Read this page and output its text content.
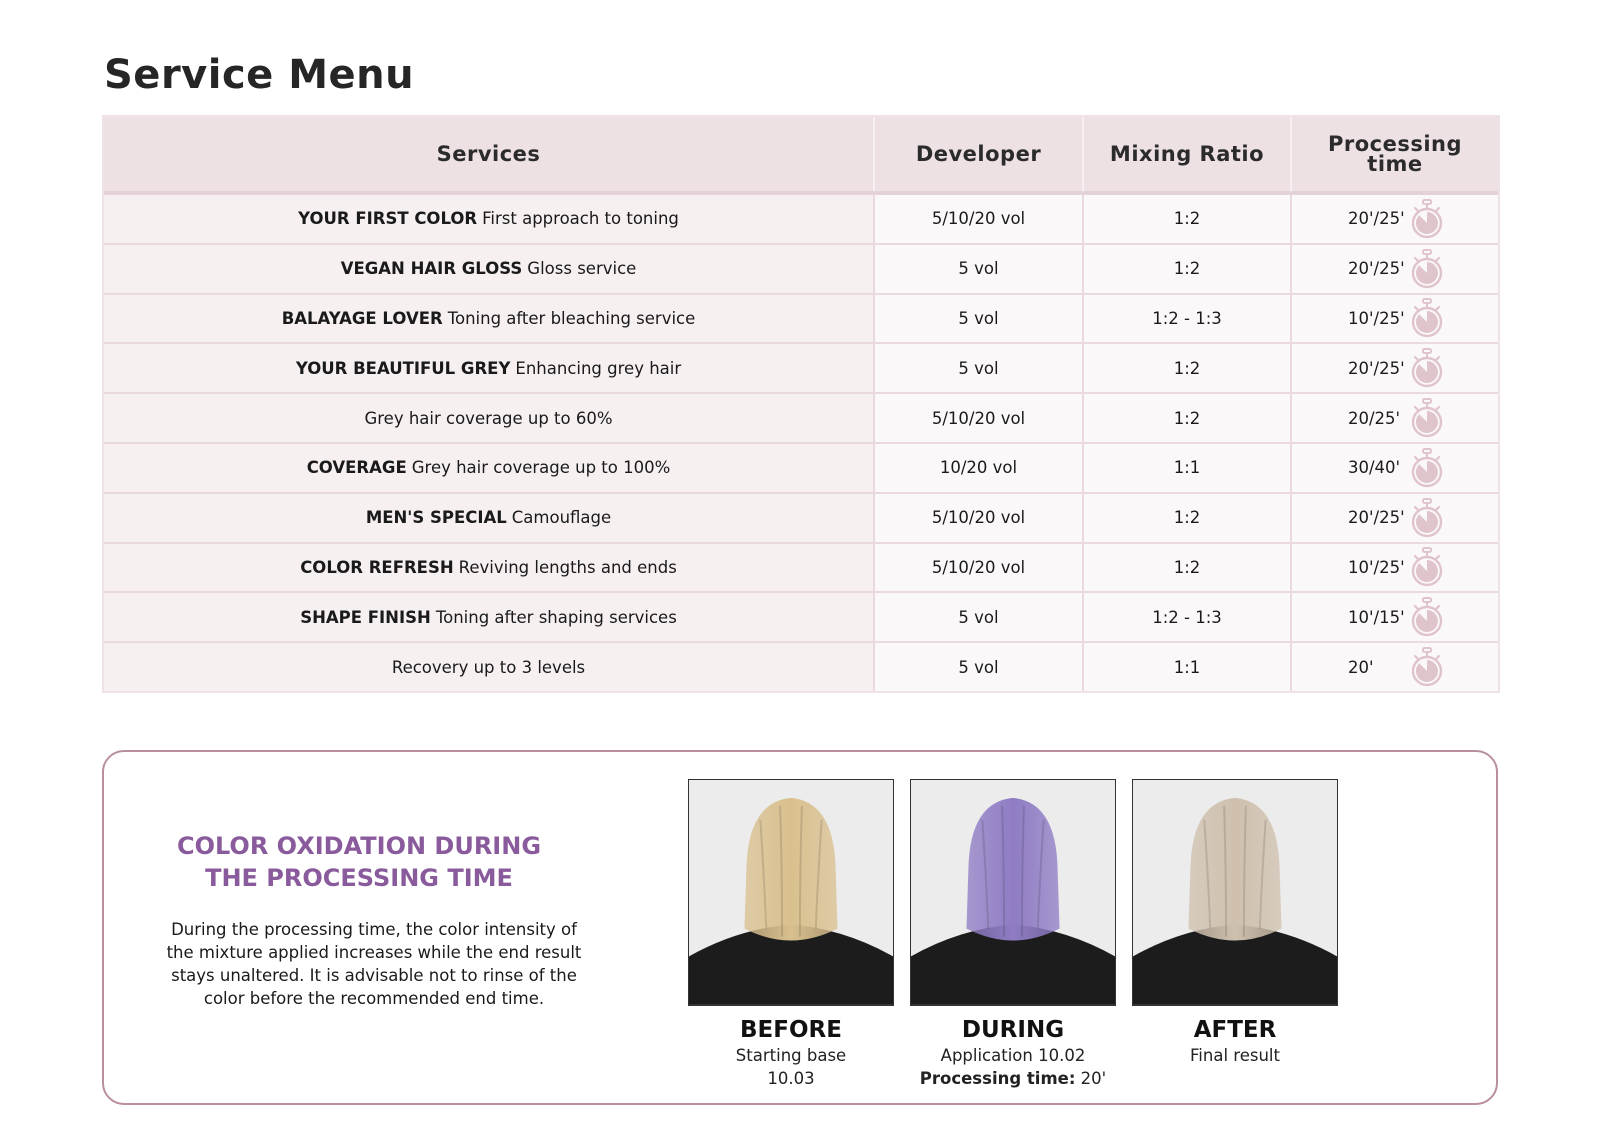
Service Menu
Services	Developer	Mixing Ratio	Processing
time
YOUR FIRST COLOR First approach to toning	5/10/20 vol	1:2	20'/25'
VEGAN HAIR GLOSS Gloss service	5 vol	1:2	20'/25'
BALAYAGE LOVER Toning after bleaching service	5 vol	1:2 - 1:3	10'/25'
YOUR BEAUTIFUL GREY Enhancing grey hair	5 vol	1:2	20'/25'
Grey hair coverage up to 60%	5/10/20 vol	1:2	20/25'
COVERAGE Grey hair coverage up to 100%	10/20 vol	1:1	30/40'
MEN'S SPECIAL Camouflage	5/10/20 vol	1:2	20'/25'
COLOR REFRESH Reviving lengths and ends	5/10/20 vol	1:2	10'/25'
SHAPE FINISH Toning after shaping services	5 vol	1:2 - 1:3	10'/15'
Recovery up to 3 levels	5 vol	1:1	20'
COLOR OXIDATION DURING
THE PROCESSING TIME

During the processing time, the color intensity of the mixture applied increases while the end result stays unaltered. It is advisable not to rinse of the color before the recommended end time.

BEFORE
Starting base
10.03
DURING
Application 10.02
Processing time: 20'
AFTER
Final result
